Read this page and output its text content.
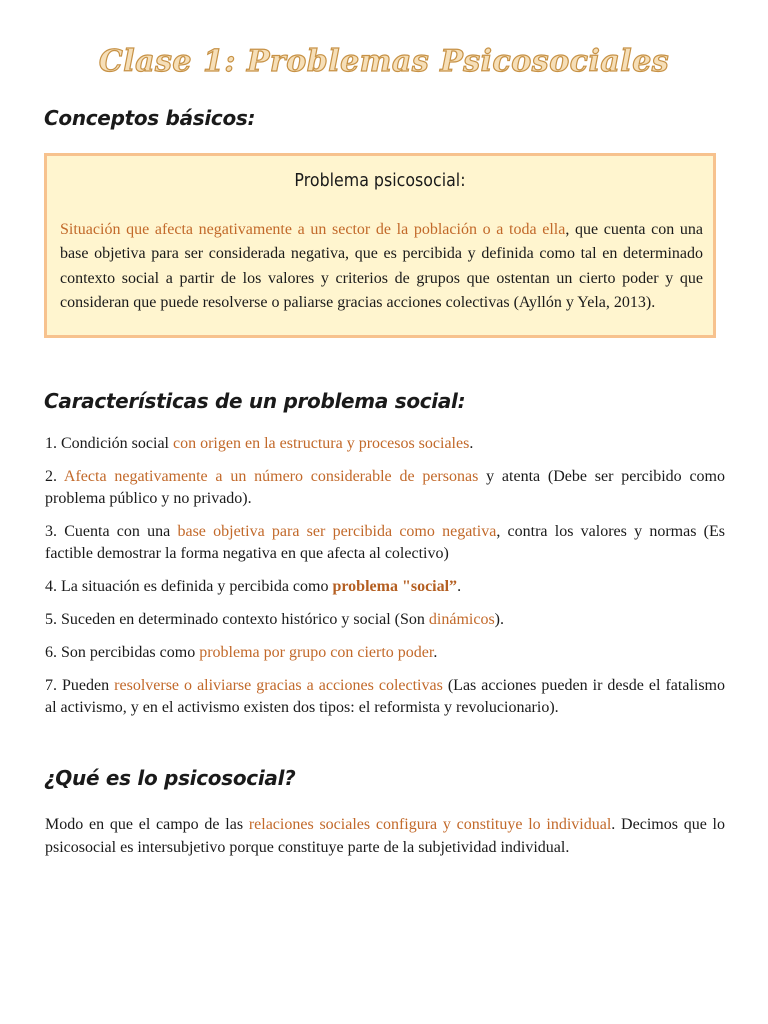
Clase 1: Problemas Psicosociales
Conceptos básicos:
Problema psicosocial:
Situación que afecta negativamente a un sector de la población o a toda ella, que cuenta con una base objetiva para ser considerada negativa, que es percibida y definida como tal en determinado contexto social a partir de los valores y criterios de grupos que ostentan un cierto poder y que consideran que puede resolverse o paliarse gracias acciones colectivas (Ayllón y Yela, 2013).
Características de un problema social:

1. Condición social con origen en la estructura y procesos sociales.

2. Afecta negativamente a un número considerable de personas y atenta (Debe ser percibido como problema público y no privado).

3. Cuenta con una base objetiva para ser percibida como negativa, contra los valores y normas (Es factible demostrar la forma negativa en que afecta al colectivo)

4. La situación es definida y percibida como problema "social”.

5. Suceden en determinado contexto histórico y social (Son dinámicos).

6. Son percibidas como problema por grupo con cierto poder.

7. Pueden resolverse o aliviarse gracias a acciones colectivas (Las acciones pueden ir desde el fatalismo al activismo, y en el activismo existen dos tipos: el reformista y revolucionario).

¿Qué es lo psicosocial?
Modo en que el campo de las relaciones sociales configura y constituye lo individual. Decimos que lo psicosocial es intersubjetivo porque constituye parte de la subjetividad individual.
